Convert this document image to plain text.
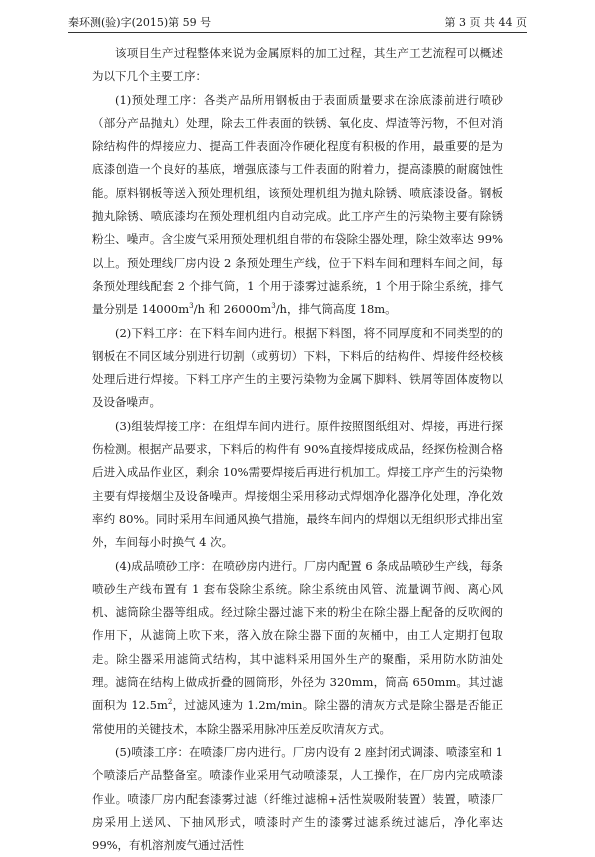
秦环测(验)字(2015)第 59 号	第 3 页 共 44 页

该项目生产过程整体来说为金属原料的加工过程，其生产工艺流程可以概述为以下几个主要工序：

(1)预处理工序：各类产品所用钢板由于表面质量要求在涂底漆前进行喷砂（部分产品抛丸）处理，除去工件表面的铁锈、氧化皮、焊渣等污物，不但对消除结构件的焊接应力、提高工件表面冷作硬化程度有积极的作用，最重要的是为底漆创造一个良好的基底，增强底漆与工件表面的附着力，提高漆膜的耐腐蚀性能。原料钢板等送入预处理机组，该预处理机组为抛丸除锈、喷底漆设备。钢板抛丸除锈、喷底漆均在预处理机组内自动完成。此工序产生的污染物主要有除锈粉尘、噪声。含尘废气采用预处理机组自带的布袋除尘器处理，除尘效率达 99%以上。预处理线厂房内设 2 条预处理生产线，位于下料车间和理料车间之间，每条预处理线配套 2 个排气筒，1 个用于漆雾过滤系统，1 个用于除尘系统，排气量分别是 $14000m^3/h$ 和 $26000m^3/h$，排气筒高度 18m。

(2)下料工序：在下料车间内进行。根据下料图，将不同厚度和不同类型的的钢板在不同区域分别进行切割（或剪切）下料，下料后的结构件、焊接件经校核处理后进行焊接。下料工序产生的主要污染物为金属下脚料、铁屑等固体废物以及设备噪声。

(3)组装焊接工序：在组焊车间内进行。原件按照图纸组对、焊接，再进行探伤检测。根据产品要求，下料后的构件有 90%直接焊接成成品，经探伤检测合格后进入成品作业区，剩余 10%需要焊接后再进行机加工。焊接工序产生的污染物主要有焊接烟尘及设备噪声。焊接烟尘采用移动式焊烟净化器净化处理，净化效率约 80%。同时采用车间通风换气措施，最终车间内的焊烟以无组织形式排出室外，车间每小时换气 4 次。

(4)成品喷砂工序：在喷砂房内进行。厂房内配置 6 条成品喷砂生产线，每条喷砂生产线布置有 1 套布袋除尘系统。除尘系统由风管、流量调节阀、离心风机、滤筒除尘器等组成。经过除尘器过滤下来的粉尘在除尘器上配备的反吹阀的作用下，从滤筒上吹下来，落入放在除尘器下面的灰桶中，由工人定期打包取走。除尘器采用滤筒式结构，其中滤料采用国外生产的聚酯，采用防水防油处理。滤筒在结构上做成折叠的圆筒形，外径为 320mm，筒高 650mm。其过滤面积为 $12.5m^2$，过滤风速为 1.2m/min。除尘器的清灰方式是除尘器是否能正常使用的关键技术，本除尘器采用脉冲压差反吹清灰方式。

(5)喷漆工序：在喷漆厂房内进行。厂房内设有 2 座封闭式调漆、喷漆室和 1 个喷漆后产品整备室。喷漆作业采用气动喷漆泵，人工操作，在厂房内完成喷漆作业。喷漆厂房内配套漆雾过滤（纤维过滤棉+活性炭吸附装置）装置，喷漆厂房采用上送风、下抽风形式，喷漆时产生的漆雾过滤系统过滤后，净化率达 99%，有机溶剂废气通过活性
